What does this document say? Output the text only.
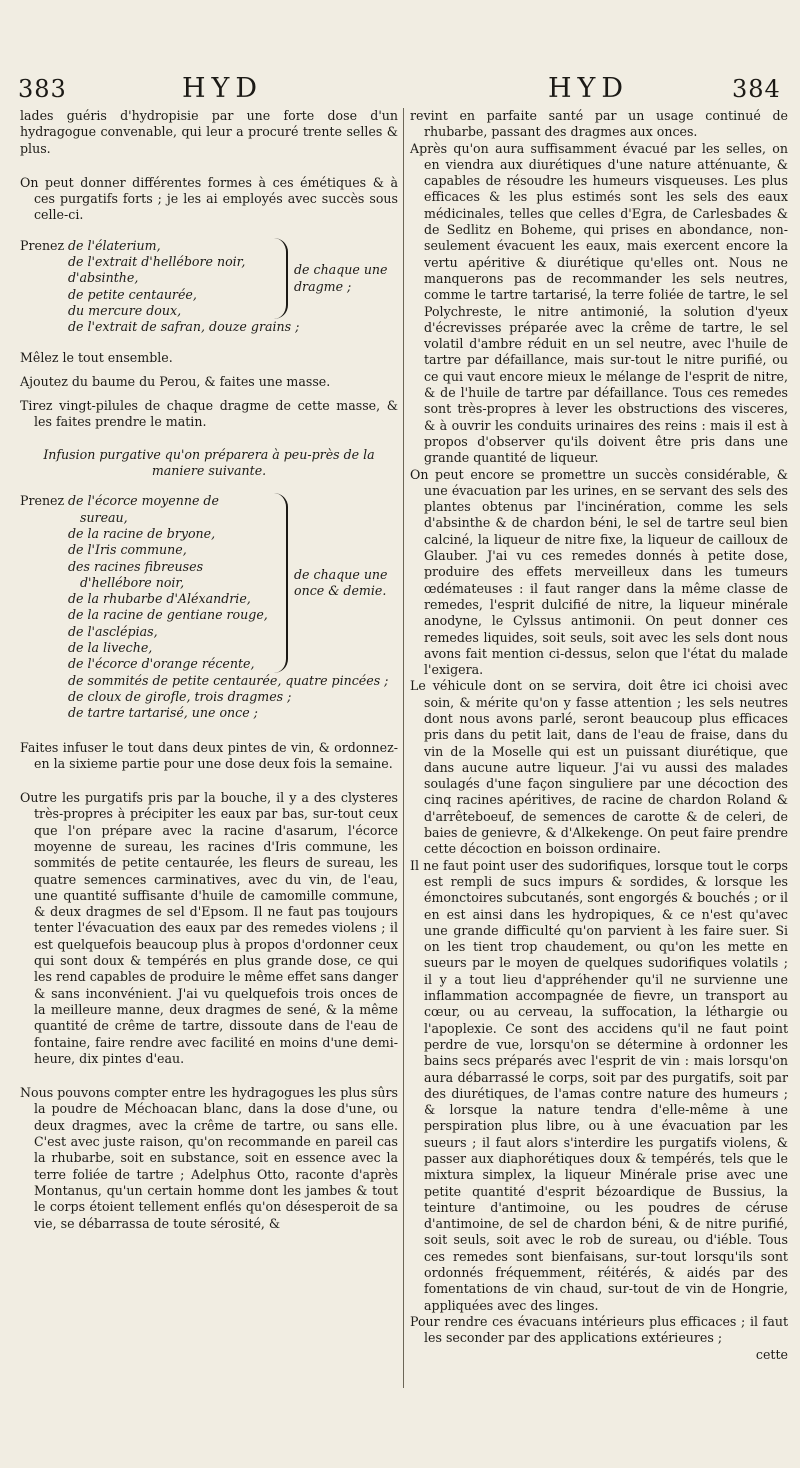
383	HYD	HYD	384

lades guéris d'hydropisie par une forte dose d'un hydragogue convenable, qui leur a procuré trente selles & plus.

On peut donner différentes formes à ces émétiques & à ces purgatifs forts ; je les ai employés avec succès sous celle-ci.

Prenez de l'élaterium,
de l'extrait d'hellébore noir,
d'absinthe,
de petite centaurée,
du mercure doux,
de chaque une dragme ;
de l'extrait de safran, douze grains ;

Mêlez le tout ensemble.

Ajoutez du baume du Perou, & faites une masse.

Tirez vingt-pilules de chaque dragme de cette masse, & les faites prendre le matin.

Infusion purgative qu'on préparera à peu-près de la maniere suivante.

Prenez de l'écorce moyenne de sureau,
de la racine de bryone,
de l'Iris commune,
des racines fibreuses d'hellébore noir,
de la rhubarbe d'Aléxandrie,
de la racine de gentiane rouge,
de l'asclépias,
de la liveche,
de l'écorce d'orange récente,
de chaque une once & demie.
de sommités de petite centaurée, quatre pincées ;
de cloux de girofle, trois dragmes ;
de tartre tartarisé, une once ;

Faites infuser le tout dans deux pintes de vin, & ordonnez-en la sixieme partie pour une dose deux fois la semaine.

Outre les purgatifs pris par la bouche, il y a des clysteres très-propres à précipiter les eaux par bas, sur-tout ceux que l'on prépare avec la racine d'asarum, l'écorce moyenne de sureau, les racines d'Iris commune, les sommités de petite centaurée, les fleurs de sureau, les quatre semences carminatives, avec du vin, de l'eau, une quantité suffisante d'huile de camomille commune, & deux dragmes de sel d'Epsom. Il ne faut pas toujours tenter l'évacuation des eaux par des remedes violens ; il est quelquefois beaucoup plus à propos d'ordonner ceux qui sont doux & tempérés en plus grande dose, ce qui les rend capables de produire le même effet sans danger & sans inconvénient. J'ai vu quelquefois trois onces de la meilleure manne, deux dragmes de sené, & la même quantité de crême de tartre, dissoute dans de l'eau de fontaine, faire rendre avec facilité en moins d'une demi-heure, dix pintes d'eau.

Nous pouvons compter entre les hydragogues les plus sûrs la poudre de Méchoacan blanc, dans la dose d'une, ou deux dragmes, avec la crême de tartre, ou sans elle. C'est avec juste raison, qu'on recommande en pareil cas la rhubarbe, soit en substance, soit en essence avec la terre foliée de tartre ; Adelphus Otto, raconte d'après Montanus, qu'un certain homme dont les jambes & tout le corps étoient tellement enflés qu'on désesperoit de sa vie, se débarrassa de toute sérosité, &

revint en parfaite santé par un usage continué de rhubarbe, passant des dragmes aux onces.

Après qu'on aura suffisamment évacué par les selles, on en viendra aux diurétiques d'une nature atténuante, & capables de résoudre les humeurs visqueuses. Les plus efficaces & les plus estimés sont les sels des eaux médicinales, telles que celles d'Egra, de Carlesbades & de Sedlitz en Boheme, qui prises en abondance, non-seulement évacuent les eaux, mais exercent encore la vertu apéritive & diurétique qu'elles ont. Nous ne manquerons pas de recommander les sels neutres, comme le tartre tartarisé, la terre foliée de tartre, le sel Polychreste, le nitre antimonié, la solution d'yeux d'écrevisses préparée avec la crême de tartre, le sel volatil d'ambre réduit en un sel neutre, avec l'huile de tartre par défaillance, mais sur-tout le nitre purifié, ou ce qui vaut encore mieux le mélange de l'esprit de nitre, & de l'huile de tartre par défaillance. Tous ces remedes sont très-propres à lever les obstructions des visceres, & à ouvrir les conduits urinaires des reins : mais il est à propos d'observer qu'ils doivent être pris dans une grande quantité de liqueur.

On peut encore se promettre un succès considérable, & une évacuation par les urines, en se servant des sels des plantes obtenus par l'incinération, comme les sels d'absinthe & de chardon béni, le sel de tartre seul bien calciné, la liqueur de nitre fixe, la liqueur de cailloux de Glauber. J'ai vu ces remedes donnés à petite dose, produire des effets merveilleux dans les tumeurs œdémateuses : il faut ranger dans la même classe de remedes, l'esprit dulcifié de nitre, la liqueur minérale anodyne, le Cylssus antimonii. On peut donner ces remedes liquides, soit seuls, soit avec les sels dont nous avons fait mention ci-dessus, selon que l'état du malade l'exigera.

Le véhicule dont on se servira, doit être ici choisi avec soin, & mérite qu'on y fasse attention ; les sels neutres dont nous avons parlé, seront beaucoup plus efficaces pris dans du petit lait, dans de l'eau de fraise, dans du vin de la Moselle qui est un puissant diurétique, que dans aucune autre liqueur. J'ai vu aussi des malades soulagés d'une façon singuliere par une décoction des cinq racines apéritives, de racine de chardon Roland & d'arrêteboeuf, de semences de carotte & de celeri, de baies de genievre, & d'Alkekenge. On peut faire prendre cette décoction en boisson ordinaire.

Il ne faut point user des sudorifiques, lorsque tout le corps est rempli de sucs impurs & sordides, & lorsque les émonctoires subcutanés, sont engorgés & bouchés ; or il en est ainsi dans les hydropiques, & ce n'est qu'avec une grande difficulté qu'on parvient à les faire suer. Si on les tient trop chaudement, ou qu'on les mette en sueurs par le moyen de quelques sudorifiques volatils ; il y a tout lieu d'appréhender qu'il ne survienne une inflammation accompagnée de fievre, un transport au cœur, ou au cerveau, la suffocation, la léthargie ou l'apoplexie. Ce sont des accidens qu'il ne faut point perdre de vue, lorsqu'on se détermine à ordonner les bains secs préparés avec l'esprit de vin : mais lorsqu'on aura débarrassé le corps, soit par des purgatifs, soit par des diurétiques, de l'amas contre nature des humeurs ; & lorsque la nature tendra d'elle-même à une perspiration plus libre, ou à une évacuation par les sueurs ; il faut alors s'interdire les purgatifs violens, & passer aux diaphorétiques doux & tempérés, tels que le mixtura simplex, la liqueur Minérale prise avec une petite quantité d'esprit bézoardique de Bussius, la teinture d'antimoine, ou les poudres de céruse d'antimoine, de sel de chardon béni, & de nitre purifié, soit seuls, soit avec le rob de sureau, ou d'iéble. Tous ces remedes sont bienfaisans, sur-tout lorsqu'ils sont ordonnés fréquemment, réitérés, & aidés par des fomentations de vin chaud, sur-tout de vin de Hongrie, appliquées avec des linges.

Pour rendre ces évacuans intérieurs plus efficaces ; il faut les seconder par des applications extérieures ;

cette
